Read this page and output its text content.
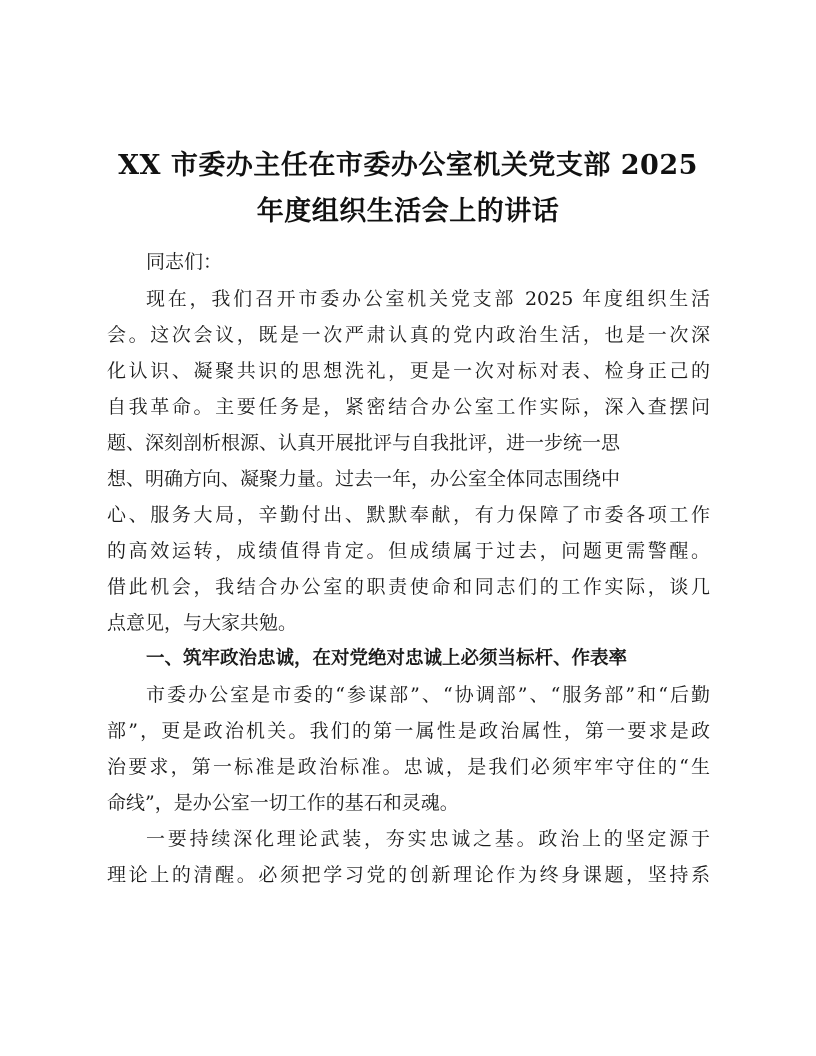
XX 市委办主任在市委办公室机关党支部 2025
年度组织生活会上的讲话
同志们：
现在，我们召开市委办公室机关党支部 2025 年度组织生活
会。这次会议，既是一次严肃认真的党内政治生活，也是一次深
化认识、凝聚共识的思想洗礼，更是一次对标对表、检身正己的
自我革命。主要任务是，紧密结合办公室工作实际，深入查摆问
题、深刻剖析根源、认真开展批评与自我批评，进一步统一思
想、明确方向、凝聚力量。过去一年，办公室全体同志围绕中
心、服务大局，辛勤付出、默默奉献，有力保障了市委各项工作
的高效运转，成绩值得肯定。但成绩属于过去，问题更需警醒。
借此机会，我结合办公室的职责使命和同志们的工作实际，谈几
点意见，与大家共勉。
一、筑牢政治忠诚，在对党绝对忠诚上必须当标杆、作表率
市委办公室是市委的“参谋部”、“协调部”、“服务部”和“后勤
部”，更是政治机关。我们的第一属性是政治属性，第一要求是政
治要求，第一标准是政治标准。忠诚，是我们必须牢牢守住的“生
命线”，是办公室一切工作的基石和灵魂。
一要持续深化理论武装，夯实忠诚之基。政治上的坚定源于
理论上的清醒。必须把学习党的创新理论作为终身课题，坚持系
